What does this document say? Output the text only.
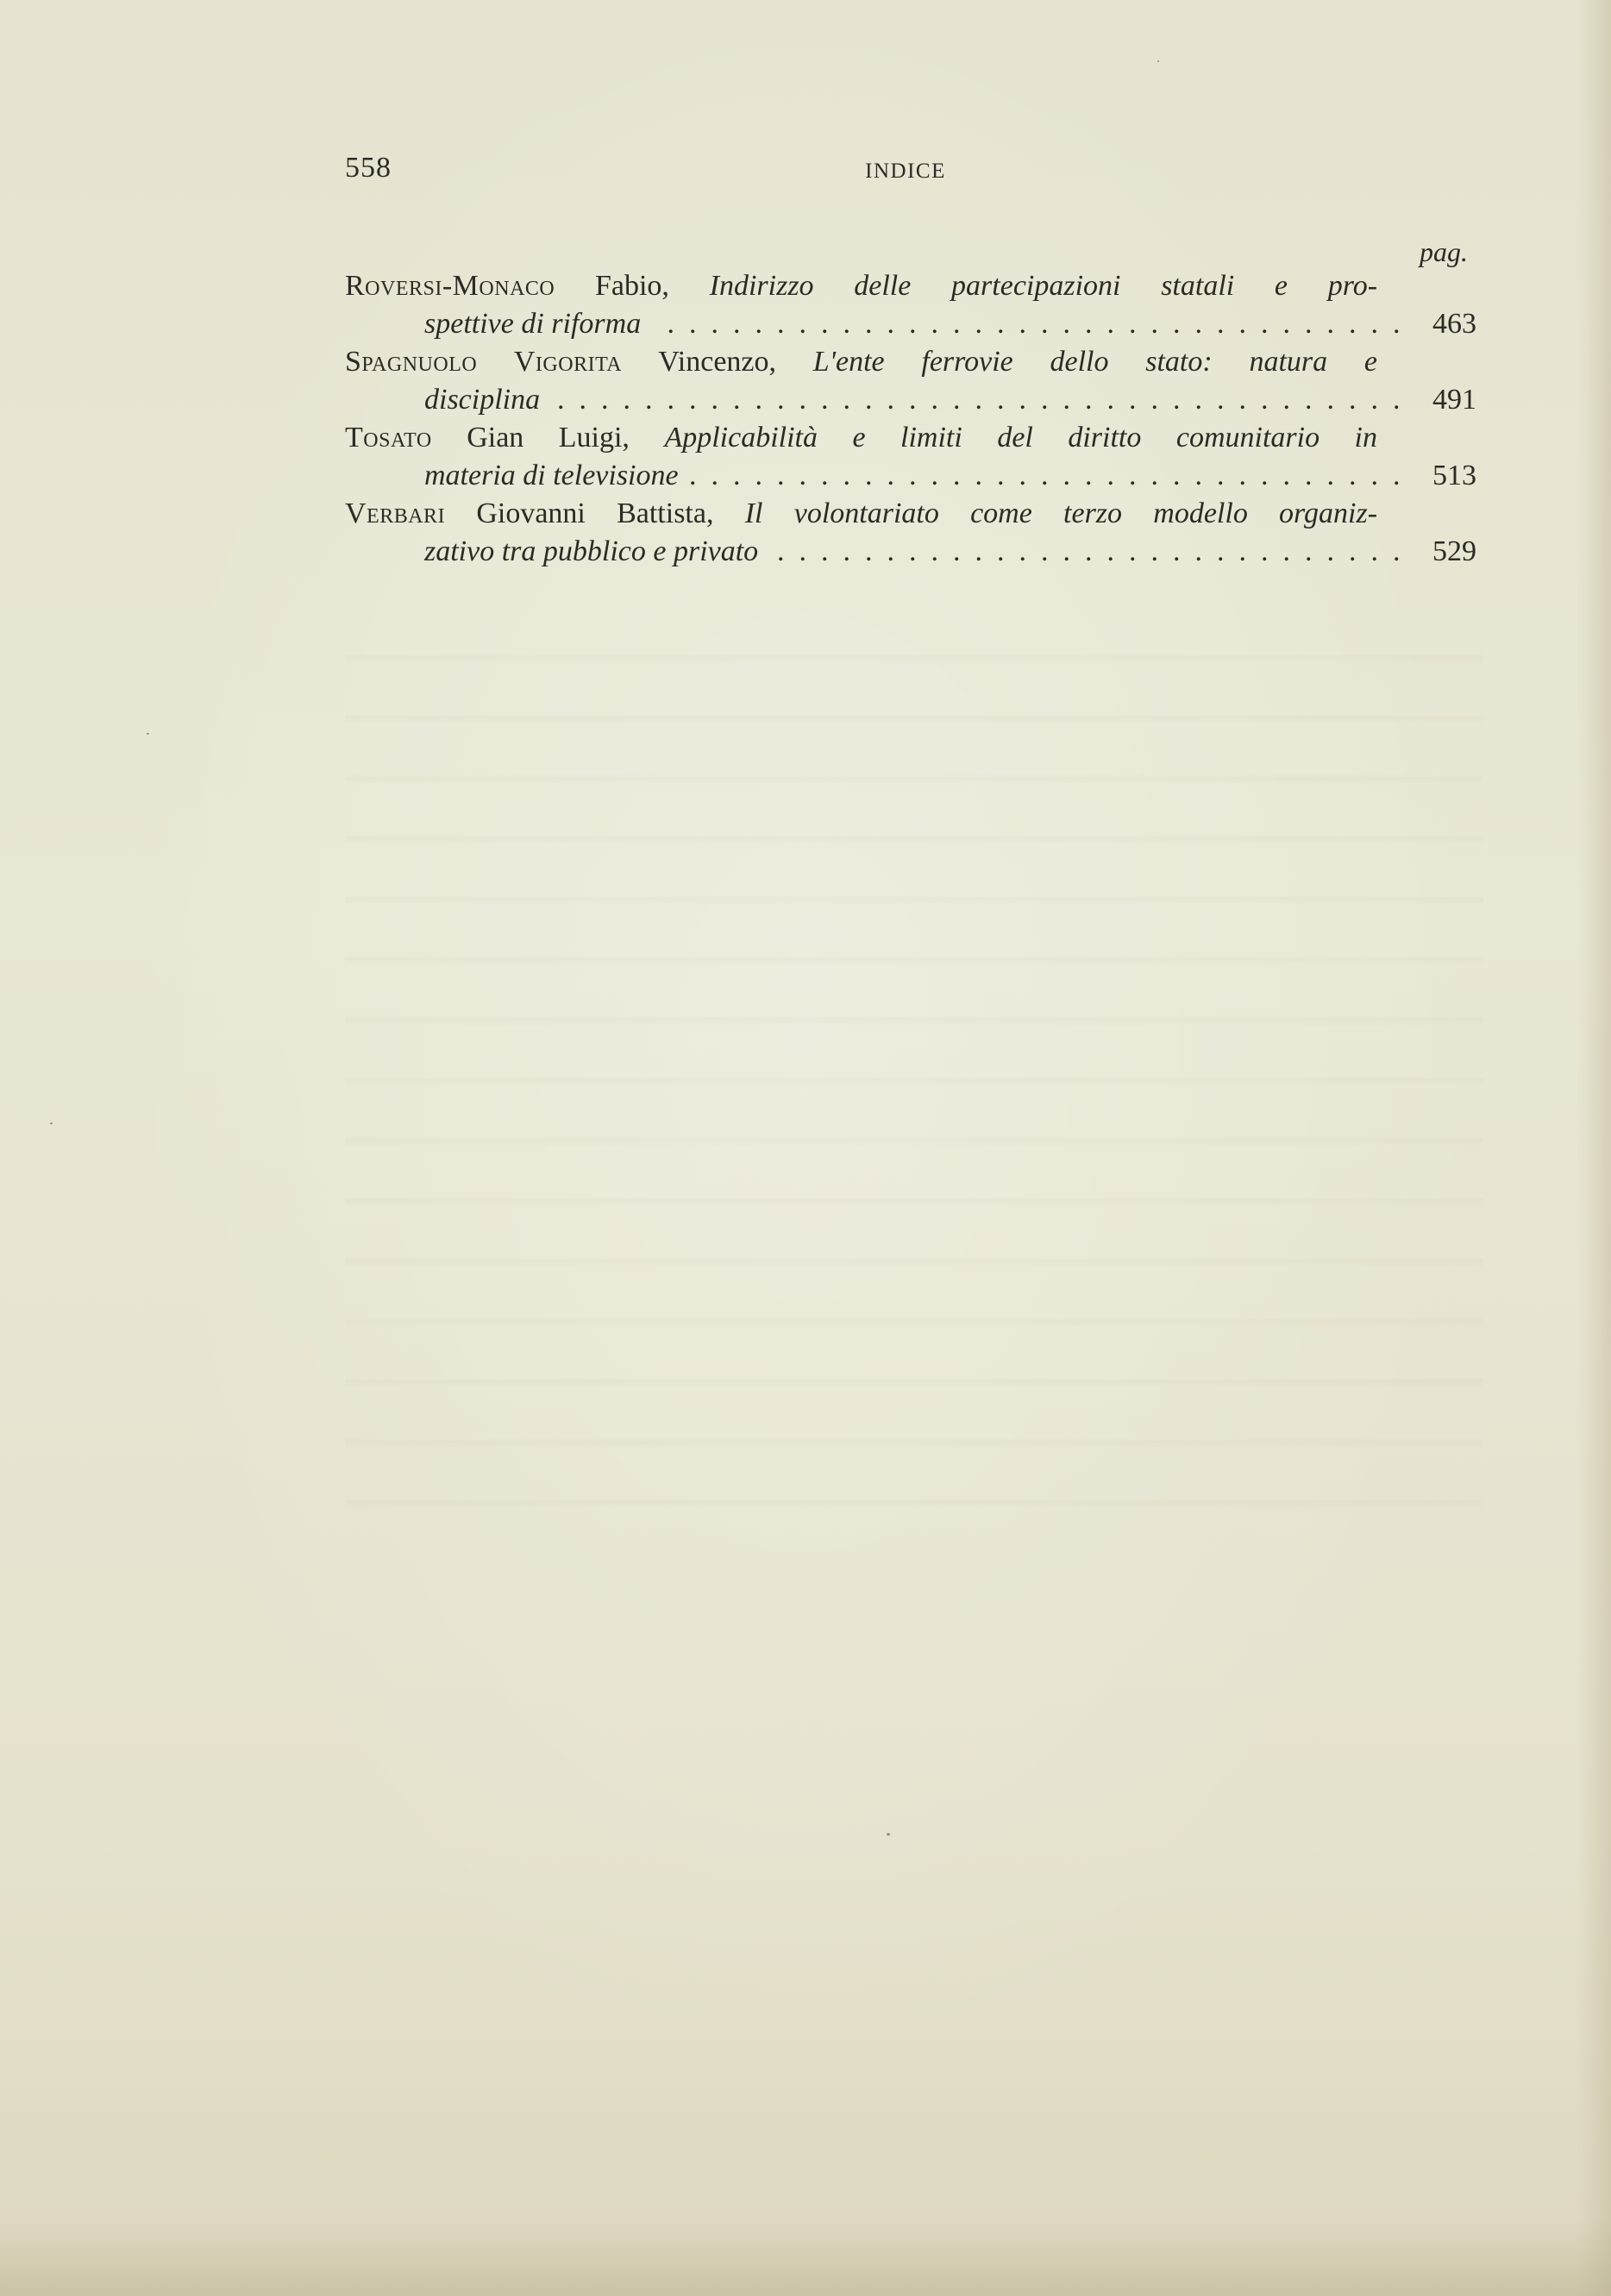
558	INDICE
pag.
Roversi-Monaco Fabio, Indirizzo delle partecipazioni statali e pro-
spettive di riforma . .	463
Spagnuolo Vigorita Vincenzo, L'ente ferrovie dello stato: natura e
disciplina . .	491
Tosato Gian Luigi, Applicabilità e limiti del diritto comunitario in
materia di televisione . .	513
Verbari Giovanni Battista, Il volontariato come terzo modello organiz-
zativo tra pubblico e privato . .	529
